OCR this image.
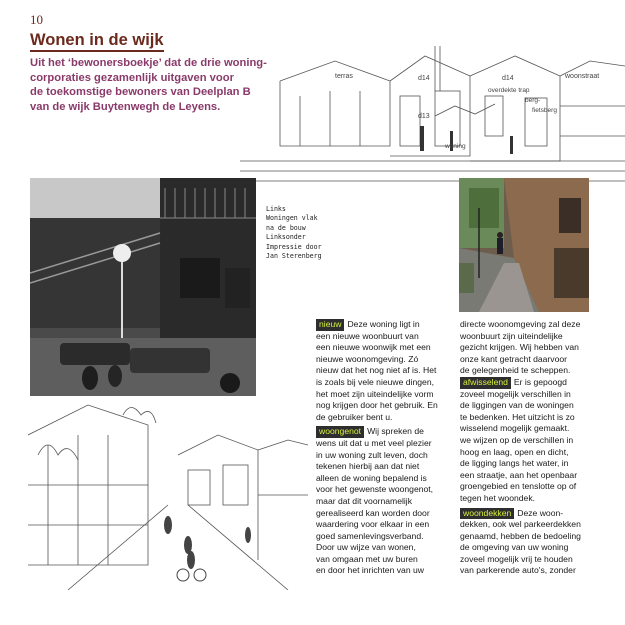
10
Wonen in de wijk
Uit het ‘bewonersboekje’ dat de drie woning-
corporaties gezamenlijk uitgaven voor
de toekomstige bewoners van Deelplan B
van de wijk Buytenwegh de Leyens.
terras	d14
d13
d14
overdekte trap
berg-
fietsberg
woonstraat
woning
Links
Woningen vlak
na de bouw
Linksonder
Impressie door
Jan Sterenberg
nieuw Deze woning ligt in
een nieuwe woonbuurt van
een nieuwe woonwijk met een
nieuwe woonomgeving. Zó
nieuw dat het nog niet af is. Het
is zoals bij vele nieuwe dingen,
het moet zijn uiteindelijke vorm
nog krijgen door het gebruik. En
de gebruiker bent u.
woongenot Wij spreken de
wens uit dat u met veel plezier
in uw woning zult leven, doch
tekenen hierbij aan dat niet
alleen de woning bepalend is
voor het gewenste woongenot,
maar dat dit voornamelijk
gerealiseerd kan worden door
waardering voor elkaar in een
goed samenlevingsverband.
Door uw wijze van wonen,
van omgaan met uw buren
en door het inrichten van uw
directe woonomgeving zal deze
woonbuurt zijn uiteindelijke
gezicht krijgen. Wij hebben van
onze kant getracht daarvoor
de gelegenheid te scheppen.
afwisselend Er is gepoogd
zoveel mogelijk verschillen in
de liggingen van de woningen
te bedenken. Het uitzicht is zo
wisselend mogelijk gemaakt.
we wijzen op de verschillen in
hoog en laag, open en dicht,
de ligging langs het water, in
een straatje, aan het openbaar
groengebied en tenslotte op of
tegen het woondek.
woondekken Deze woon-
dekken, ook wel parkeerdekken
genaamd, hebben de bedoeling
de omgeving van uw woning
zoveel mogelijk vrij te houden
van parkerende auto's, zonder
